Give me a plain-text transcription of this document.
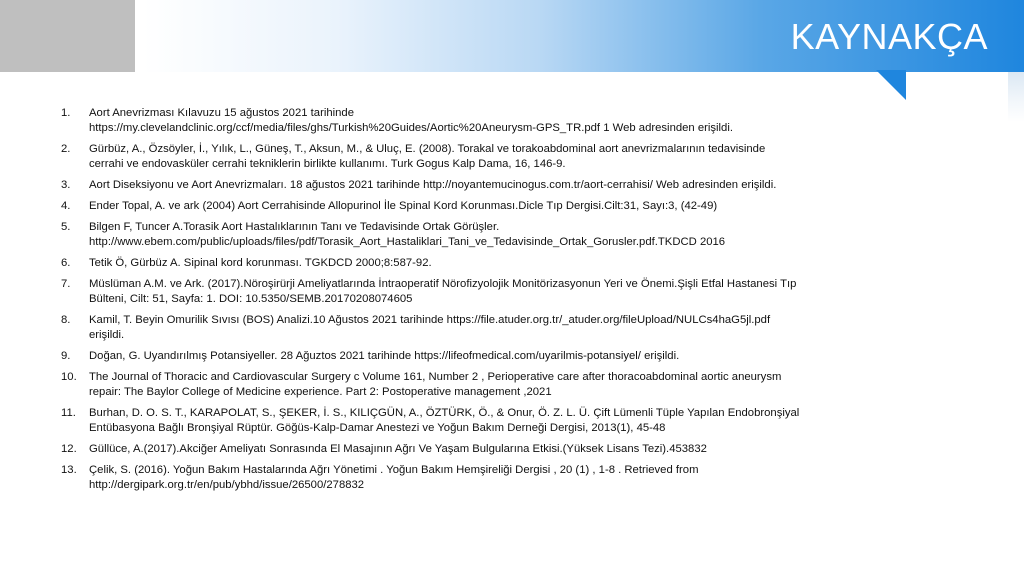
KAYNAKÇA
1.	Aort Anevrizması Kılavuzu 15 ağustos 2021 tarihinde
https://my.clevelandclinic.org/ccf/media/files/ghs/Turkish%20Guides/Aortic%20Aneurysm-GPS_TR.pdf 1 Web adresinden erişildi.
2.	Gürbüz, A., Özsöyler, İ., Yılık, L., Güneş, T., Aksun, M., & Uluç, E. (2008). Torakal ve torakoabdominal aort anevrizmalarının tedavisinde
cerrahi ve endovasküler cerrahi tekniklerin birlikte kullanımı. Turk Gogus Kalp Dama, 16, 146-9.
3.	Aort Diseksiyonu ve Aort Anevrizmaları. 18 ağustos 2021 tarihinde http://noyantemucinogus.com.tr/aort-cerrahisi/ Web adresinden erişildi.
4.	Ender Topal, A. ve ark (2004) Aort Cerrahisinde Allopurinol İle Spinal Kord Korunması.Dicle Tıp Dergisi.Cilt:31, Sayı:3, (42-49)
5.	Bilgen F, Tuncer A.Torasik Aort Hastalıklarının Tanı ve Tedavisinde Ortak Görüşler.
http://www.ebem.com/public/uploads/files/pdf/Torasik_Aort_Hastaliklari_Tani_ve_Tedavisinde_Ortak_Gorusler.pdf.TKDCD 2016
6.	Tetik Ö, Gürbüz A. Sipinal kord korunması. TGKDCD 2000;8:587-92.
7.	Müslüman A.M. ve Ark. (2017).Nöroşirürji Ameliyatlarında İntraoperatif Nörofizyolojik Monitörizasyonun Yeri ve Önemi.Şişli Etfal Hastanesi Tıp
Bülteni, Cilt: 51, Sayfa: 1. DOI: 10.5350/SEMB.20170208074605
8.	Kamil, T. Beyin Omurilik Sıvısı (BOS) Analizi.10 Ağustos 2021 tarihinde https://file.atuder.org.tr/_atuder.org/fileUpload/NULCs4haG5jl.pdf
erişildi.
9.	Doğan, G. Uyandırılmış Potansiyeller. 28 Ağuztos 2021 tarihinde https://lifeofmedical.com/uyarilmis-potansiyel/ erişildi.
10.	The Journal of Thoracic and Cardiovascular Surgery c Volume 161, Number 2 , Perioperative care after thoracoabdominal aortic aneurysm
repair: The Baylor College of Medicine experience. Part 2: Postoperative management ,2021
11.	Burhan, D. O. S. T., KARAPOLAT, S., ŞEKER, İ. S., KILIÇGÜN, A., ÖZTÜRK, Ö., & Onur, Ö. Z. L. Ü. Çift Lümenli Tüple Yapılan Endobronşiyal
Entübasyona Bağlı Bronşiyal Rüptür. Göğüs-Kalp-Damar Anestezi ve Yoğun Bakım Derneği Dergisi, 2013(1), 45-48
12.	Güllüce, A.(2017).Akciğer Ameliyatı Sonrasında El Masajının Ağrı Ve Yaşam Bulgularına Etkisi.(Yüksek Lisans Tezi).453832
13.	Çelik, S. (2016). Yoğun Bakım Hastalarında Ağrı Yönetimi . Yoğun Bakım Hemşireliği Dergisi , 20 (1) , 1-8 . Retrieved from
http://dergipark.org.tr/en/pub/ybhd/issue/26500/278832
